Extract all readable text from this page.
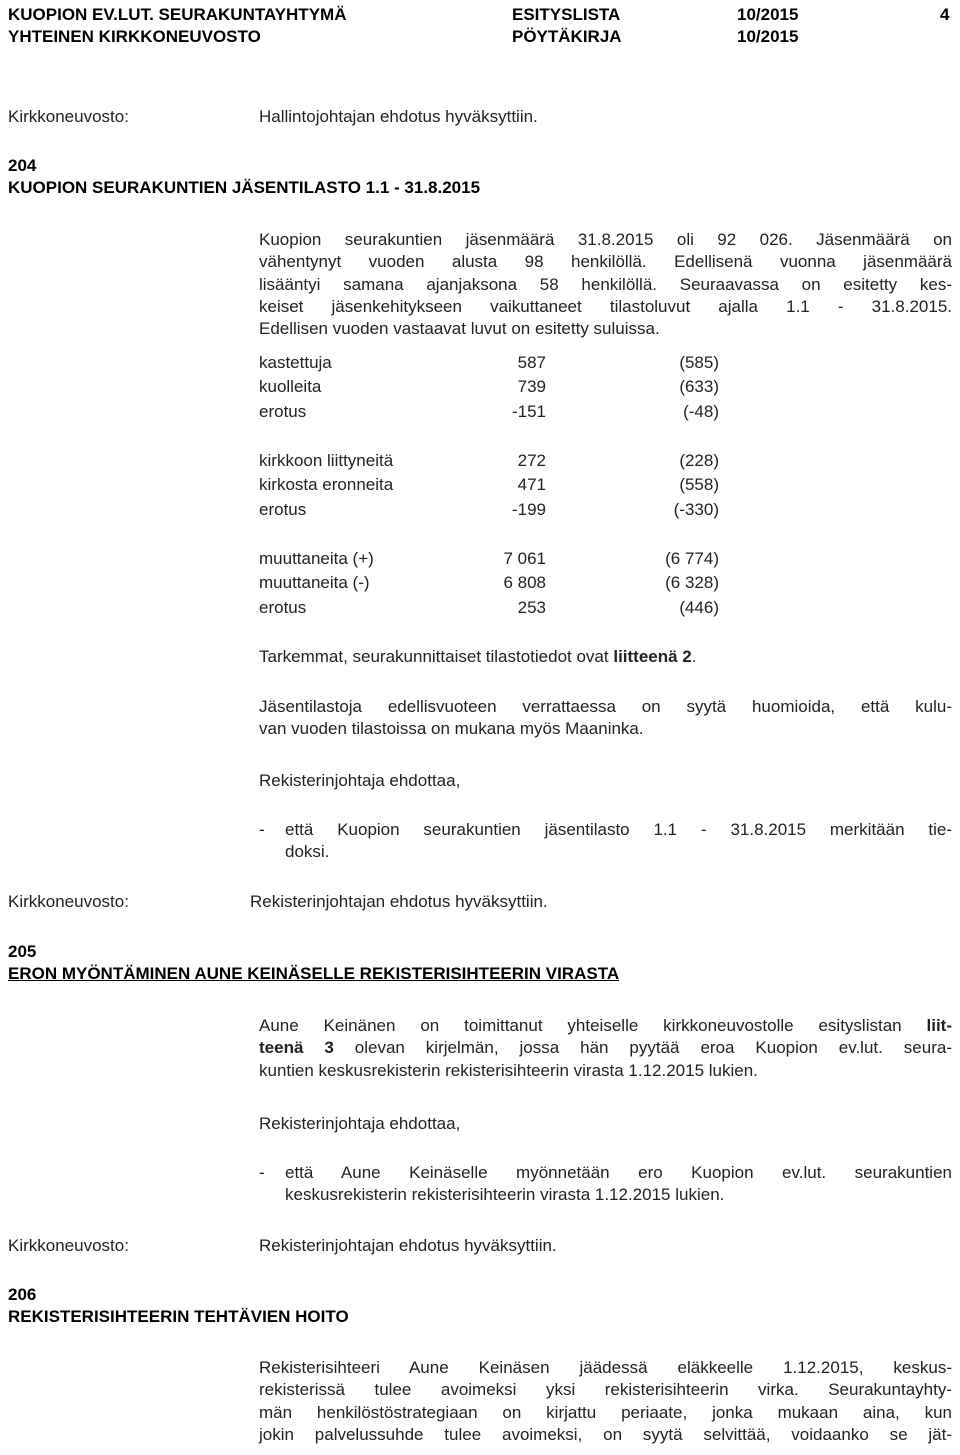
KUOPION EV.LUT. SEURAKUNTAYHTYMÄ
YHTEINEN KIRKKONEUVOSTO
ESITYSLISTA
PÖYTÄKIRJA
10/2015
10/2015
4
Kirkkoneuvosto:	Hallintojohtajan ehdotus hyväksyttiin.
204
KUOPION SEURAKUNTIEN JÄSENTILASTO 1.1 - 31.8.2015
Kuopion seurakuntien jäsenmäärä 31.8.2015 oli 92 026. Jäsenmäärä on
vähentynyt vuoden alusta 98 henkilöllä. Edellisenä vuonna jäsenmäärä
lisääntyi samana ajanjaksona 58 henkilöllä. Seuraavassa on esitetty kes-
keiset jäsenkehitykseen vaikuttaneet tilastoluvut ajalla 1.1 - 31.8.2015.
Edellisen vuoden vastaavat luvut on esitetty suluissa.
kastettuja	587	(585)
kuolleita	739	(633)
erotus	-151	(-48)
kirkkoon liittyneitä	272	(228)
kirkosta eronneita	471	(558)
erotus	-199	(-330)
muuttaneita (+)	7 061	(6 774)
muuttaneita (-)	6 808	(6 328)
erotus	253	(446)
Tarkemmat, seurakunnittaiset tilastotiedot ovat liitteenä 2.
Jäsentilastoja edellisvuoteen verrattaessa on syytä huomioida, että kulu-
van vuoden tilastoissa on mukana myös Maaninka.
Rekisterinjohtaja ehdottaa,
- että Kuopion seurakuntien jäsentilasto 1.1 - 31.8.2015 merkitään tie-
doksi.
Kirkkoneuvosto:	Rekisterinjohtajan ehdotus hyväksyttiin.
205
ERON MYÖNTÄMINEN AUNE KEINÄSELLE REKISTERISIHTEERIN VIRASTA
Aune Keinänen on toimittanut yhteiselle kirkkoneuvostolle esityslistan liit-
teenä 3 olevan kirjelmän, jossa hän pyytää eroa Kuopion ev.lut. seura-
kuntien keskusrekisterin rekisterisihteerin virasta 1.12.2015 lukien.
Rekisterinjohtaja ehdottaa,
- että Aune Keinäselle myönnetään ero Kuopion ev.lut. seurakuntien
keskusrekisterin rekisterisihteerin virasta 1.12.2015 lukien.
Kirkkoneuvosto:	Rekisterinjohtajan ehdotus hyväksyttiin.
206
REKISTERISIHTEERIN TEHTÄVIEN HOITO
Rekisterisihteeri Aune Keinäsen jäädessä eläkkeelle 1.12.2015, keskus-
rekisterissä tulee avoimeksi yksi rekisterisihteerin virka. Seurakuntayhty-
män henkilöstöstrategiaan on kirjattu periaate, jonka mukaan aina, kun
jokin palvelussuhde tulee avoimeksi, on syytä selvittää, voidaanko se jät-
